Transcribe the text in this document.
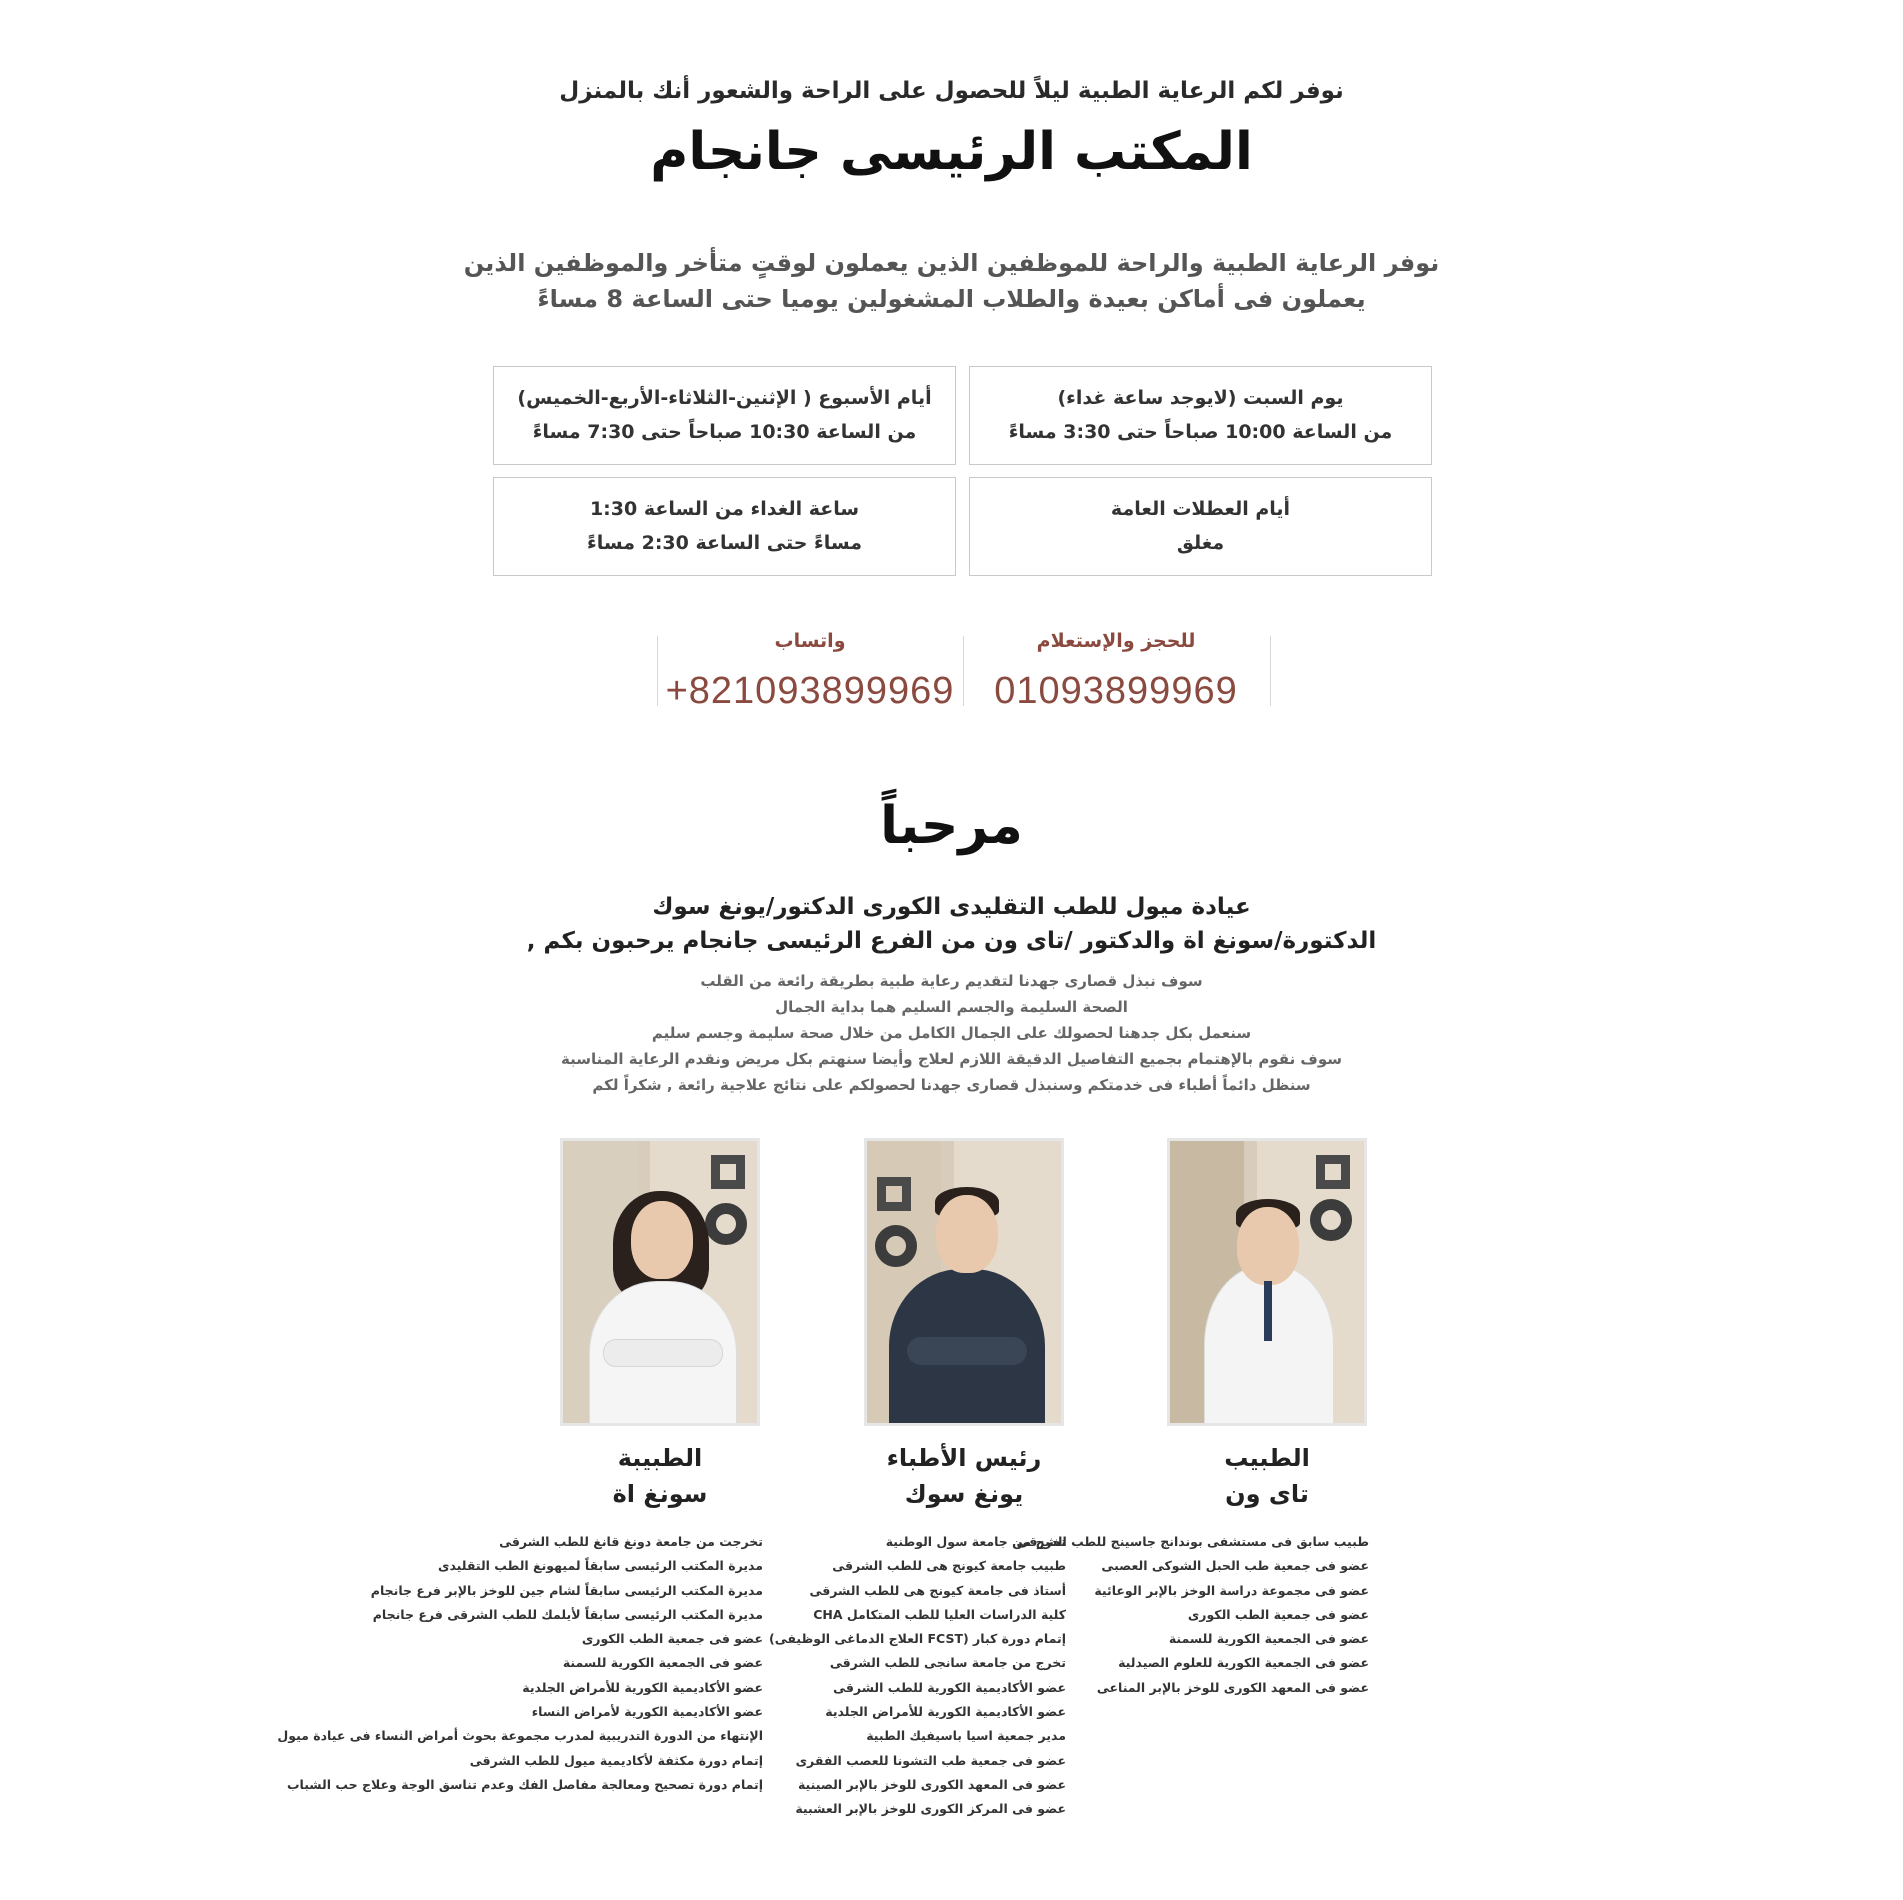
نوفر لكم الرعاية الطبية ليلاً للحصول على الراحة والشعور أنك بالمنزل
المكتب الرئيسى جانجام
نوفر الرعاية الطبية والراحة للموظفين الذين يعملون لوقتٍ متأخر والموظفين الذين
يعملون فى أماكن بعيدة والطلاب المشغولين يوميا حتى الساعة 8 مساءً
يوم السبت (لايوجد ساعة غداء)
من الساعة 10:00 صباحاً حتى 3:30 مساءً
أيام الأسبوع ( الإثنين-الثلاثاء-الأربع-الخميس)
من الساعة 10:30 صباحاً حتى 7:30 مساءً
أيام العطلات العامة
مغلق
ساعة الغداء من الساعة 1:30
مساءً حتى الساعة 2:30 مساءً
للحجز والإستعلام
01093899969
واتساب
+821093899969
مرحباً
عيادة ميول للطب التقليدى الكورى الدكتور/يونغ سوك
الدكتورة/سونغ اة والدكتور /تاى ون من الفرع الرئيسى جانجام يرحبون بكم ,
سوف نبذل قصارى جهدنا لتقديم رعاية طبية بطريقة رائعة من القلب
الصحة السليمة والجسم السليم هما بداية الجمال
سنعمل بكل جدهنا لحصولك على الجمال الكامل من خلال صحة سليمة وجسم سليم
سوف نقوم بالإهتمام بجميع التفاصيل الدقيقة اللازم لعلاج وأيضا سنهتم بكل مريض ونقدم الرعاية المناسبة
سنظل دائماً أطباء فى خدمتكم وسنبذل قصارى جهدنا لحصولكم على نتائج علاجية رائعة , شكراً لكم
الطبيب
تاى ون
رئيس الأطباء
يونغ سوك
الطبيبة
سونغ اة
طبيب سابق فى مستشفى بوندانج جاسينج للطب الشرقى
عضو فى جمعية طب الحبل الشوكى العصبى
عضو فى مجموعة دراسة الوخز بالإبر الوعائية
عضو فى جمعية الطب الكورى
عضو فى الجمعية الكورية للسمنة
عضو فى الجمعية الكورية للعلوم الصيدلية
عضو فى المعهد الكورى للوخز بالإبر المناعى
تخرج من جامعة سول الوطنية
طبيب جامعة كيونج هى للطب الشرقى
أستاذ فى جامعة كيونج هى للطب الشرقى
كلية الدراسات العليا للطب المتكامل CHA
إتمام دورة كبار (FCST العلاج الدماغى الوظيفى)
تخرج من جامعة سانجى للطب الشرقى
عضو الأكاديمية الكورية للطب الشرقى
عضو الأكاديمية الكورية للأمراض الجلدية
مدير جمعية اسيا باسيفيك الطبية
عضو فى جمعية طب التشونا للعصب الفقرى
عضو فى المعهد الكورى للوخز بالإبر الصينية
عضو فى المركز الكورى للوخز بالإبر العشبية
تخرجت من جامعة دونغ قانغ للطب الشرقى
مديرة المكتب الرئيسى سابقاً لميهونغ الطب التقليدى
مديرة المكتب الرئيسى سابقاً لشام جين للوخز بالإبر فرع جانجام
مديرة المكتب الرئيسى سابقاً لأيلمك للطب الشرقى فرع جانجام
عضو فى جمعية الطب الكورى
عضو فى الجمعية الكورية للسمنة
عضو الأكاديمية الكورية للأمراض الجلدية
عضو الأكاديمية الكورية لأمراض النساء
الإنتهاء من الدورة التدريبية لمدرب مجموعة بحوث أمراض النساء فى عيادة ميول
إتمام دورة مكثفة لأكاديمية ميول للطب الشرقى
إتمام دورة تصحيح ومعالجة مفاصل الفك وعدم تناسق الوجة وعلاج حب الشباب
